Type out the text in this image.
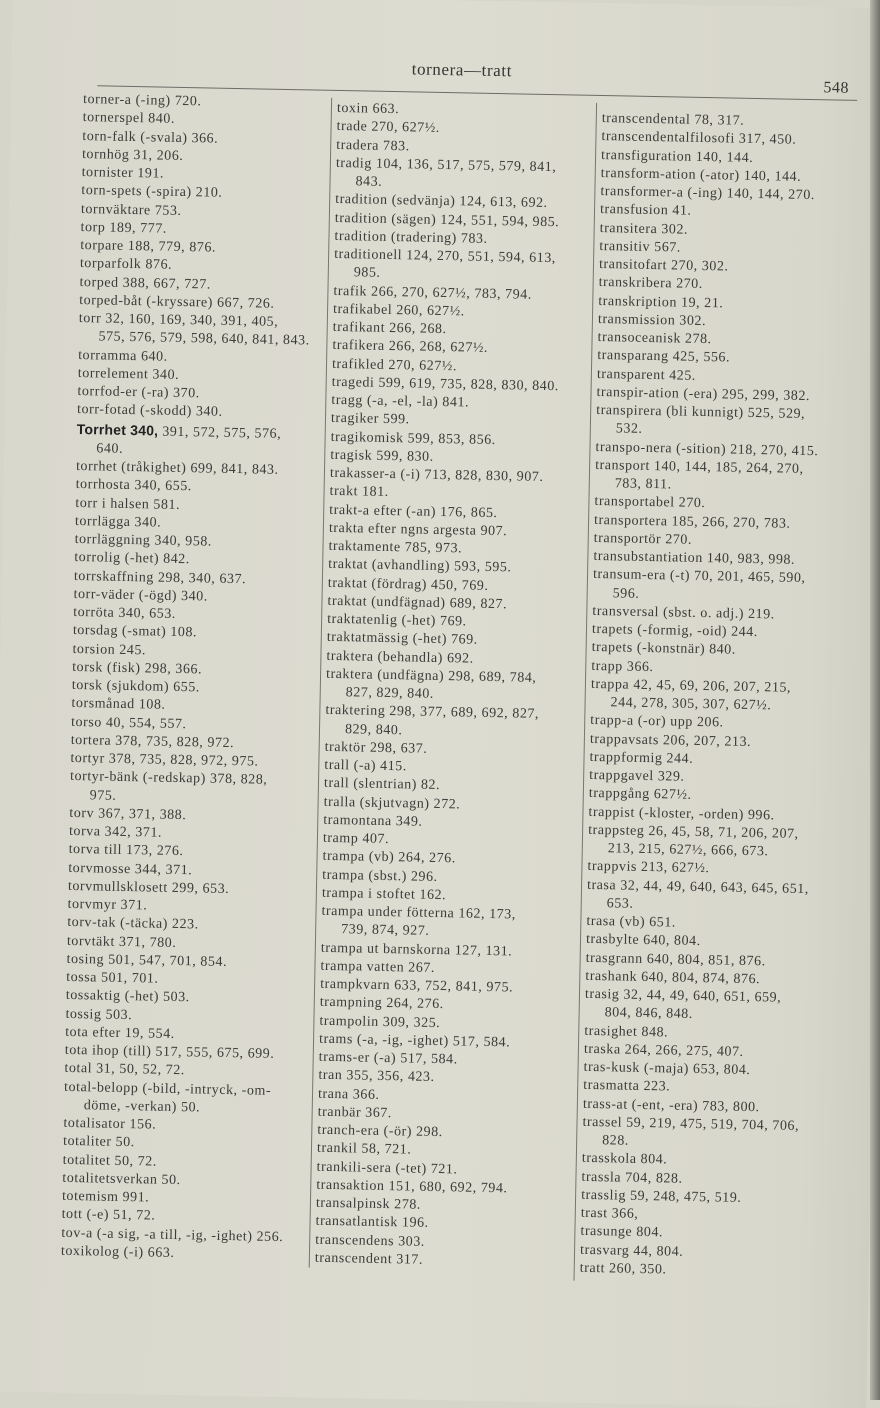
tornera—tratt
548
torner-a (-ing) 720.
tornerspel 840.
torn-falk (-svala) 366.
tornhög 31, 206.
tornister 191.
torn-spets (-spira) 210.
tornväktare 753.
torp 189, 777.
torpare 188, 779, 876.
torparfolk 876.
torped 388, 667, 727.
torped-båt (-kryssare) 667, 726.
torr 32, 160, 169, 340, 391, 405,
575, 576, 579, 598, 640, 841, 843.
torramma 640.
torrelement 340.
torrfod-er (-ra) 370.
torr-fotad (-skodd) 340.
Torrhet 340, 391, 572, 575, 576,
640.
torrhet (tråkighet) 699, 841, 843.
torrhosta 340, 655.
torr i halsen 581.
torrlägga 340.
torrläggning 340, 958.
torrolig (-het) 842.
torrskaffning 298, 340, 637.
torr-väder (-ögd) 340.
torröta 340, 653.
torsdag (-smat) 108.
torsion 245.
torsk (fisk) 298, 366.
torsk (sjukdom) 655.
torsmånad 108.
torso 40, 554, 557.
tortera 378, 735, 828, 972.
tortyr 378, 735, 828, 972, 975.
tortyr-bänk (-redskap) 378, 828,
975.
torv 367, 371, 388.
torva 342, 371.
torva till 173, 276.
torvmosse 344, 371.
torvmullsklosett 299, 653.
torvmyr 371.
torv-tak (-täcka) 223.
torvtäkt 371, 780.
tosing 501, 547, 701, 854.
tossa 501, 701.
tossaktig (-het) 503.
tossig 503.
tota efter 19, 554.
tota ihop (till) 517, 555, 675, 699.
total 31, 50, 52, 72.
total-belopp (-bild, -intryck, -om-
döme, -verkan) 50.
totalisator 156.
totaliter 50.
totalitet 50, 72.
totalitetsverkan 50.
totemism 991.
tott (-e) 51, 72.
tov-a (-a sig, -a till, -ig, -ighet) 256.
toxikolog (-i) 663.
toxin 663.
trade 270, 627½.
tradera 783.
tradig 104, 136, 517, 575, 579, 841,
843.
tradition (sedvänja) 124, 613, 692.
tradition (sägen) 124, 551, 594, 985.
tradition (tradering) 783.
traditionell 124, 270, 551, 594, 613,
985.
trafik 266, 270, 627½, 783, 794.
trafikabel 260, 627½.
trafikant 266, 268.
trafikera 266, 268, 627½.
trafikled 270, 627½.
tragedi 599, 619, 735, 828, 830, 840.
tragg (-a, -el, -la) 841.
tragiker 599.
tragikomisk 599, 853, 856.
tragisk 599, 830.
trakasser-a (-i) 713, 828, 830, 907.
trakt 181.
trakt-a efter (-an) 176, 865.
trakta efter ngns argesta 907.
traktamente 785, 973.
traktat (avhandling) 593, 595.
traktat (fördrag) 450, 769.
traktat (undfägnad) 689, 827.
traktatenlig (-het) 769.
traktatmässig (-het) 769.
traktera (behandla) 692.
traktera (undfägna) 298, 689, 784,
827, 829, 840.
traktering 298, 377, 689, 692, 827,
829, 840.
traktör 298, 637.
trall (-a) 415.
trall (slentrian) 82.
tralla (skjutvagn) 272.
tramontana 349.
tramp 407.
trampa (vb) 264, 276.
trampa (sbst.) 296.
trampa i stoftet 162.
trampa under fötterna 162, 173,
739, 874, 927.
trampa ut barnskorna 127, 131.
trampa vatten 267.
trampkvarn 633, 752, 841, 975.
trampning 264, 276.
trampolin 309, 325.
trams (-a, -ig, -ighet) 517, 584.
trams-er (-a) 517, 584.
tran 355, 356, 423.
trana 366.
tranbär 367.
tranch-era (-ör) 298.
trankil 58, 721.
trankili-sera (-tet) 721.
transaktion 151, 680, 692, 794.
transalpinsk 278.
transatlantisk 196.
transcendens 303.
transcendent 317.
transcendental 78, 317.
transcendentalfilosofi 317, 450.
transfiguration 140, 144.
transform-ation (-ator) 140, 144.
transformer-a (-ing) 140, 144, 270.
transfusion 41.
transitera 302.
transitiv 567.
transitofart 270, 302.
transkribera 270.
transkription 19, 21.
transmission 302.
transoceanisk 278.
transparang 425, 556.
transparent 425.
transpir-ation (-era) 295, 299, 382.
transpirera (bli kunnigt) 525, 529,
532.
transpo-nera (-sition) 218, 270, 415.
transport 140, 144, 185, 264, 270,
783, 811.
transportabel 270.
transportera 185, 266, 270, 783.
transportör 270.
transubstantiation 140, 983, 998.
transum-era (-t) 70, 201, 465, 590,
596.
transversal (sbst. o. adj.) 219.
trapets (-formig, -oid) 244.
trapets (-konstnär) 840.
trapp 366.
trappa 42, 45, 69, 206, 207, 215,
244, 278, 305, 307, 627½.
trapp-a (-or) upp 206.
trappavsats 206, 207, 213.
trappformig 244.
trappgavel 329.
trappgång 627½.
trappist (-kloster, -orden) 996.
trappsteg 26, 45, 58, 71, 206, 207,
213, 215, 627½, 666, 673.
trappvis 213, 627½.
trasa 32, 44, 49, 640, 643, 645, 651,
653.
trasa (vb) 651.
trasbylte 640, 804.
trasgrann 640, 804, 851, 876.
trashank 640, 804, 874, 876.
trasig 32, 44, 49, 640, 651, 659,
804, 846, 848.
trasighet 848.
traska 264, 266, 275, 407.
tras-kusk (-maja) 653, 804.
trasmatta 223.
trass-at (-ent, -era) 783, 800.
trassel 59, 219, 475, 519, 704, 706,
828.
trasskola 804.
trassla 704, 828.
trasslig 59, 248, 475, 519.
trast 366,
trasunge 804.
trasvarg 44, 804.
tratt 260, 350.
